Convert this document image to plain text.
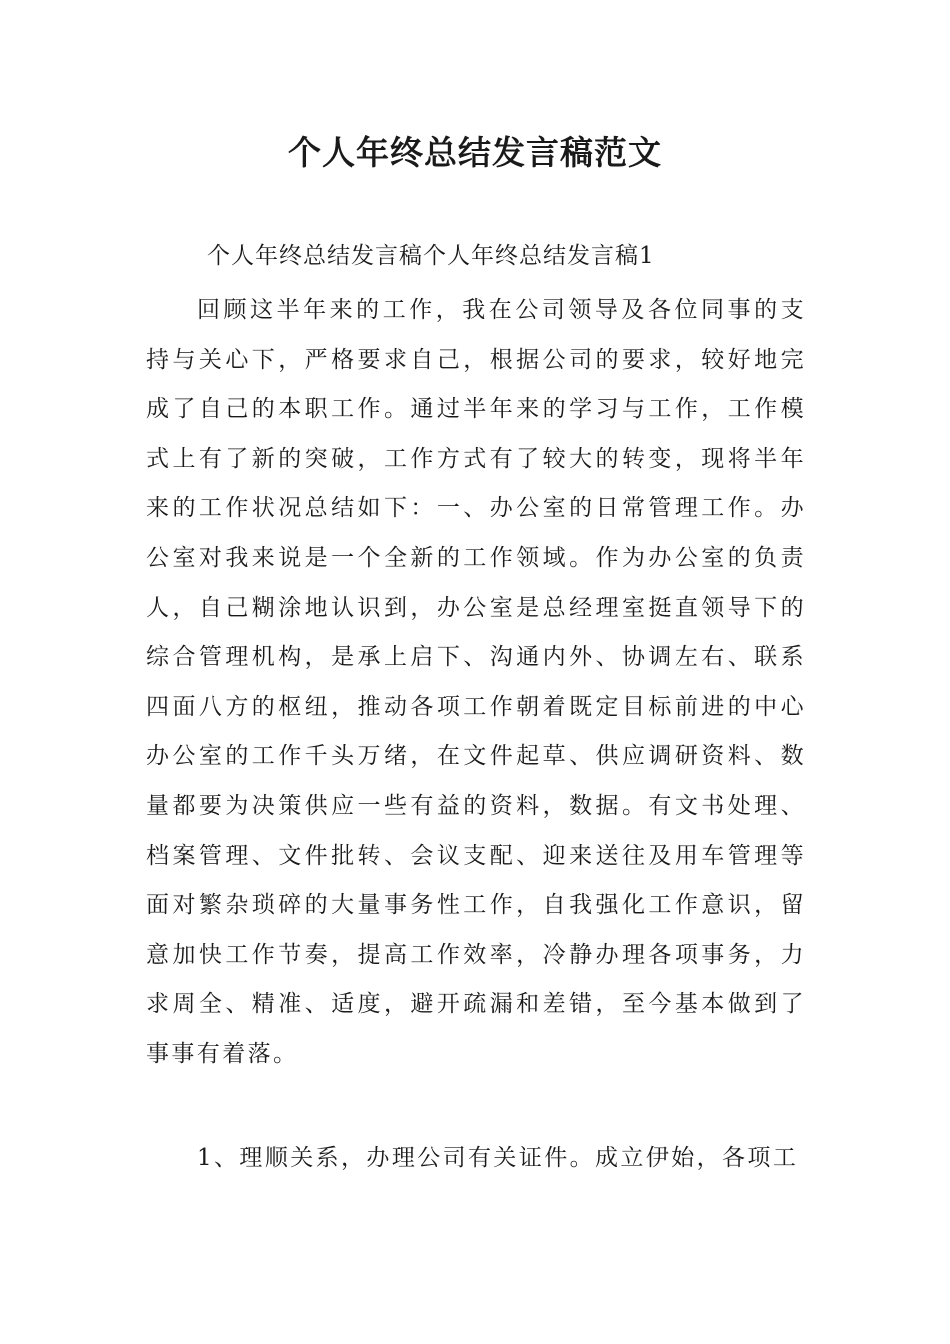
个人年终总结发言稿范文
个人年终总结发言稿个人年终总结发言稿1
回顾这半年来的工作，我在公司领导及各位同事的支持与关心下，严格要求自己，根据公司的要求，较好地完成了自己的本职工作。通过半年来的学习与工作，工作模式上有了新的突破，工作方式有了较大的转变，现将半年来的工作状况总结如下：一、办公室的日常管理工作。办公室对我来说是一个全新的工作领域。作为办公室的负责人，自己糊涂地认识到，办公室是总经理室挺直领导下的综合管理机构，是承上启下、沟通内外、协调左右、联系四面八方的枢纽，推动各项工作朝着既定目标前进的中心办公室的工作千头万绪，在文件起草、供应调研资料、数量都要为决策供应一些有益的资料，数据。有文书处理、档案管理、文件批转、会议支配、迎来送往及用车管理等面对繁杂琐碎的大量事务性工作，自我强化工作意识，留意加快工作节奏，提高工作效率，冷静办理各项事务，力求周全、精准、适度，避开疏漏和差错，至今基本做到了事事有着落。
1、理顺关系，办理公司有关证件。成立伊始，各项工
